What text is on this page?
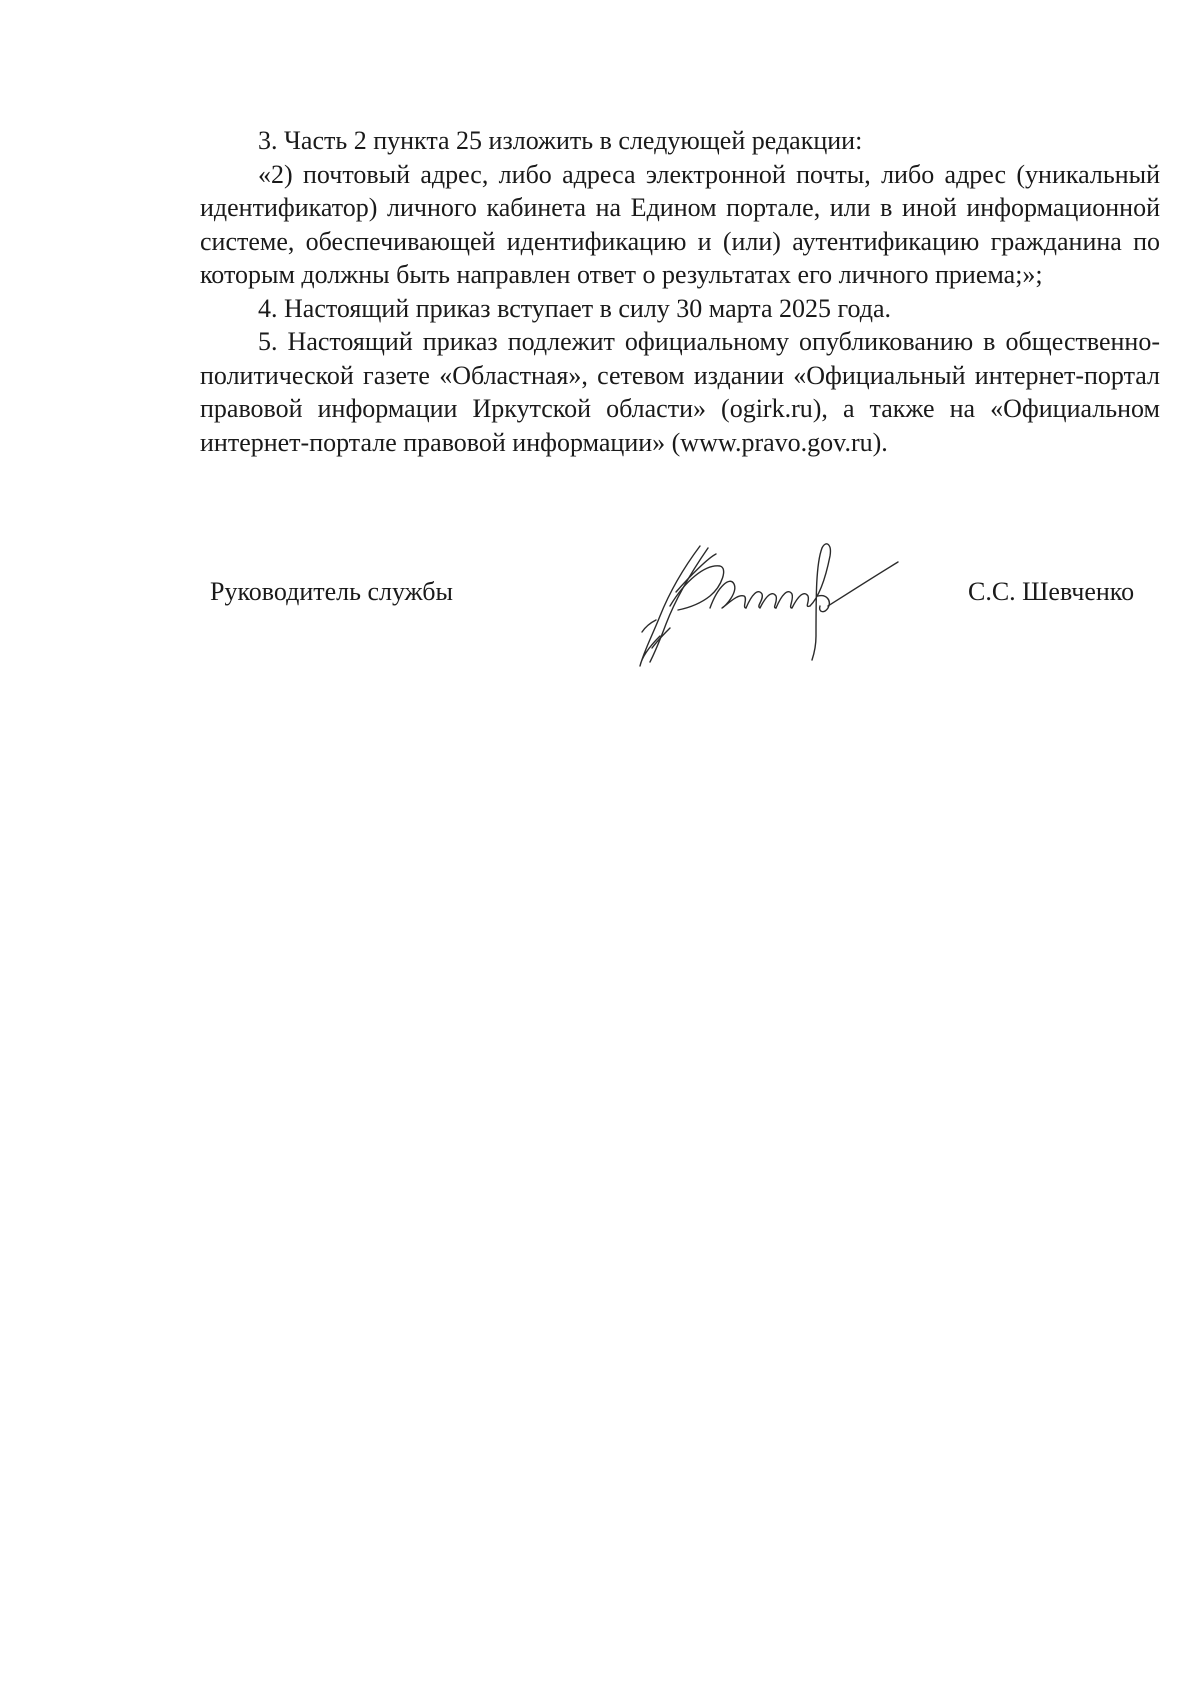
3. Часть 2 пункта 25 изложить в следующей редакции:

«2) почтовый адрес, либо адреса электронной почты, либо адрес (уникальный идентификатор) личного кабинета на Едином портале, или в иной информационной системе, обеспечивающей идентификацию и (или) аутентификацию гражданина по которым должны быть направлен ответ о результатах его личного приема;»;

4. Настоящий приказ вступает в силу 30 марта 2025 года.

5. Настоящий приказ подлежит официальному опубликованию в общественно-политической газете «Областная», сетевом издании «Официальный интернет-портал правовой информации Иркутской области» (ogirk.ru), а также на «Официальном интернет-портале правовой информации» (www.pravo.gov.ru).

Руководитель службы	С.С. Шевченко
